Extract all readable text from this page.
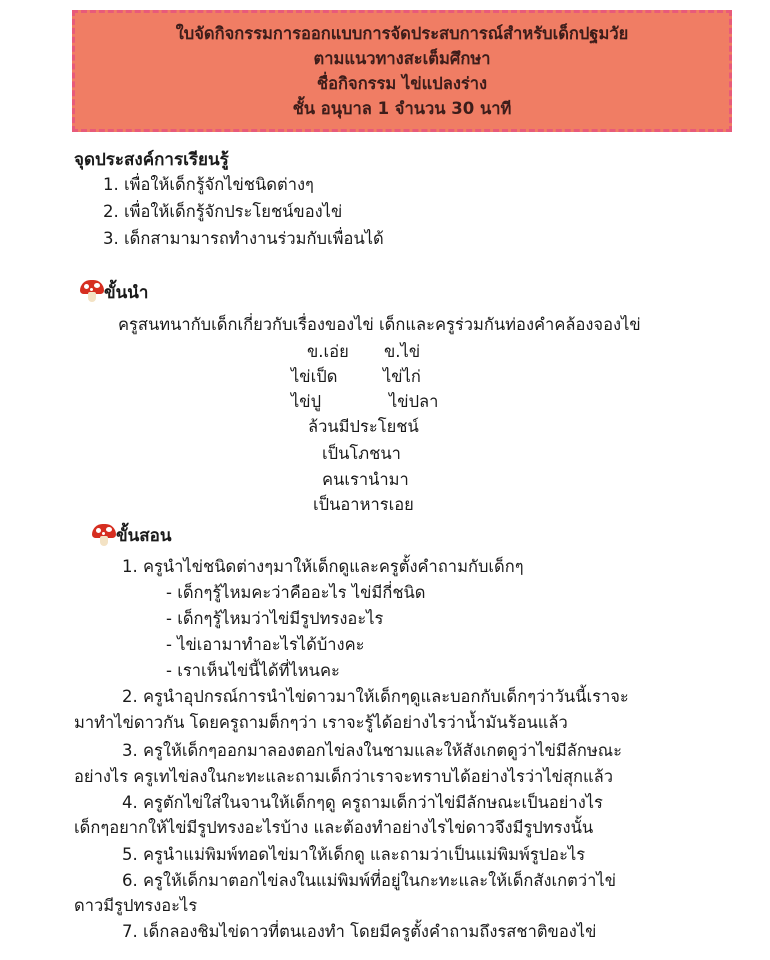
ใบจัดกิจกรรมการออกแบบการจัดประสบการณ์สำหรับเด็กปฐมวัย
ตามแนวทางสะเต็มศึกษา
ชื่อกิจกรรม ไข่แปลงร่าง
ชั้น อนุบาล 1 จำนวน 30 นาที
จุดประสงค์การเรียนรู้
1. เพื่อให้เด็กรู้จักไข่ชนิดต่างๆ
2. เพื่อให้เด็กรู้จักประโยชน์ของไข่
3. เด็กสามามารถทำงานร่วมกับเพื่อนได้
ขั้นนำ
ครูสนทนากับเด็กเกี่ยวกับเรื่องของไข่ เด็กและครูร่วมกันท่องคำคล้องจองไข่
ข.เอ่ย ข.ไข่
ไข่เป็ด	ไข่ไก่
ไข่ปู	ไข่ปลา
ล้วนมีประโยชน์
เป็นโภชนา
คนเรานำมา
เป็นอาหารเอย
ขั้นสอน
1. ครูนำไข่ชนิดต่างๆมาให้เด็กดูและครูตั้งคำถามกับเด็กๆ
- เด็กๆรู้ไหมคะว่าคืออะไร ไข่มีกี่ชนิด
- เด็กๆรู้ไหมว่าไข่มีรูปทรงอะไร
- ไข่เอามาทำอะไรได้บ้างคะ
- เราเห็นไข่นี้ได้ที่ไหนคะ
2. ครูนำอุปกรณ์การนำไข่ดาวมาให้เด็กๆดูและบอกกับเด็กๆว่าวันนี้เราจะ
มาทำไข่ดาวกัน โดยครูถามต็กๆว่า เราจะรู้ได้อย่างไรว่าน้ำมันร้อนแล้ว
3. ครูให้เด็กๆออกมาลองตอกไข่ลงในชามและให้สังเกตดูว่าไข่มีลักษณะ
อย่างไร ครูเทไข่ลงในกะทะและถามเด็กว่าเราจะทราบได้อย่างไรว่าไข่สุกแล้ว
4. ครูตักไข่ใส่ในจานให้เด็กๆดู ครูถามเด็กว่าไข่มีลักษณะเป็นอย่างไร
เด็กๆอยากให้ไข่มีรูปทรงอะไรบ้าง และต้องทำอย่างไรไข่ดาวจึงมีรูปทรงนั้น
5. ครูนำแม่พิมพ์ทอดไข่มาให้เด็กดู และถามว่าเป็นแม่พิมพ์รูปอะไร
6. ครูให้เด็กมาตอกไข่ลงในแม่พิมพ์ที่อยู่ในกะทะและให้เด็กสังเกตว่าไข่
ดาวมีรูปทรงอะไร
7. เด็กลองชิมไข่ดาวที่ตนเองทำ โดยมีครูตั้งคำถามถึงรสชาติของไข่
